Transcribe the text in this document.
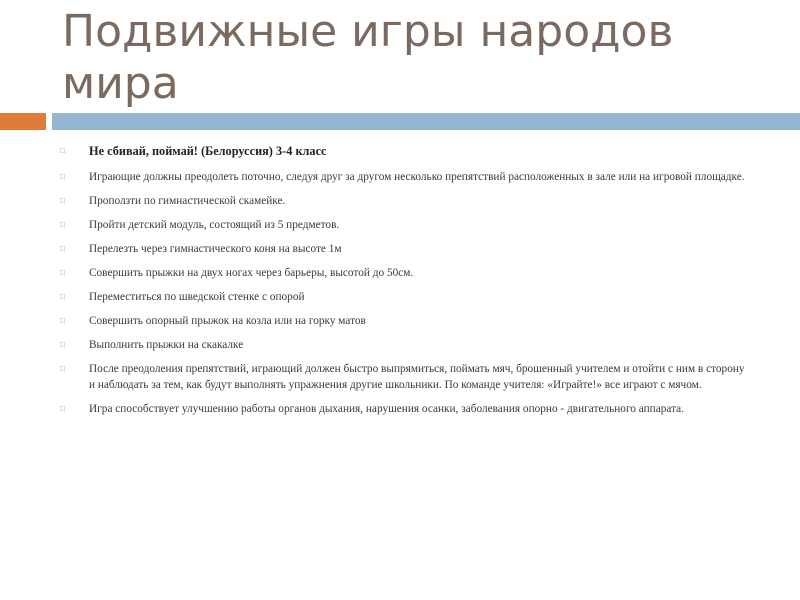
Подвижные игры народов мира
□ Не сбивай, поймай! (Белоруссия) 3-4 класс
□ Играющие должны преодолеть поточно, следуя друг за другом несколько препятствий расположенных в зале или на игровой площадке.
□ Проползти по гимнастической скамейке.
□ Пройти детский модуль, состоящий из 5 предметов.
□ Перелезть через гимнастического коня на высоте 1м
□ Совершить прыжки на двух ногах через барьеры, высотой до 50см.
□ Переместиться по шведской стенке с опорой
□ Совершить опорный прыжок на козла или на горку матов
□ Выполнить прыжки на скакалке
□ После преодоления препятствий, играющий должен быстро выпрямиться, поймать мяч, брошенный учителем и отойти с ним в сторону и наблюдать за тем, как будут выполнять упражнения другие школьники. По команде учителя: «Играйте!» все играют с мячом.
□ Игра способствует улучшению работы органов дыхания, нарушения осанки, заболевания опорно - двигательного аппарата.
